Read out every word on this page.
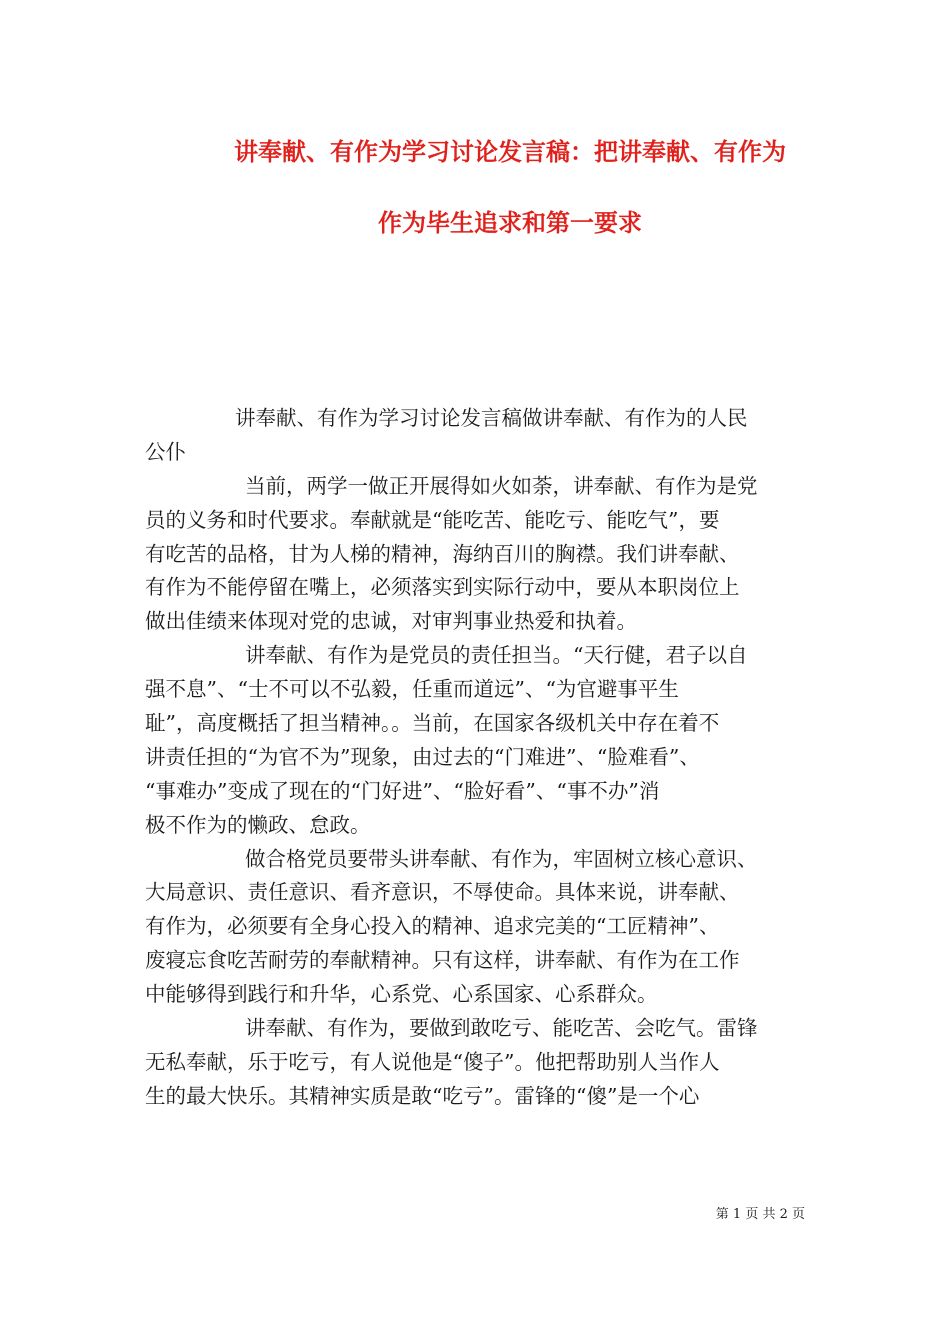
讲奉献、有作为学习讨论发言稿：把讲奉献、有作为
作为毕生追求和第一要求
讲奉献、有作为学习讨论发言稿做讲奉献、有作为的人民
公仆
当前，两学一做正开展得如火如荼，讲奉献、有作为是党
员的义务和时代要求。奉献就是“能吃苦、能吃亏、能吃气”，要
有吃苦的品格，甘为人梯的精神，海纳百川的胸襟。我们讲奉献、
有作为不能停留在嘴上，必须落实到实际行动中，要从本职岗位上
做出佳绩来体现对党的忠诚，对审判事业热爱和执着。
讲奉献、有作为是党员的责任担当。“天行健，君子以自
强不息”、“士不可以不弘毅，任重而道远”、“为官避事平生
耻”，高度概括了担当精神。。当前，在国家各级机关中存在着不
讲责任担的“为官不为”现象，由过去的“门难进”、“脸难看”、
“事难办”变成了现在的“门好进”、“脸好看”、“事不办”消
极不作为的懒政、怠政。
做合格党员要带头讲奉献、有作为，牢固树立核心意识、
大局意识、责任意识、看齐意识，不辱使命。具体来说，讲奉献、
有作为，必须要有全身心投入的精神、追求完美的“工匠精神”、
废寝忘食吃苦耐劳的奉献精神。只有这样，讲奉献、有作为在工作
中能够得到践行和升华，心系党、心系国家、心系群众。
讲奉献、有作为，要做到敢吃亏、能吃苦、会吃气。雷锋
无私奉献，乐于吃亏，有人说他是“傻子”。他把帮助别人当作人
生的最大快乐。其精神实质是敢“吃亏”。雷锋的“傻”是一个心
第 1 页 共 2 页
